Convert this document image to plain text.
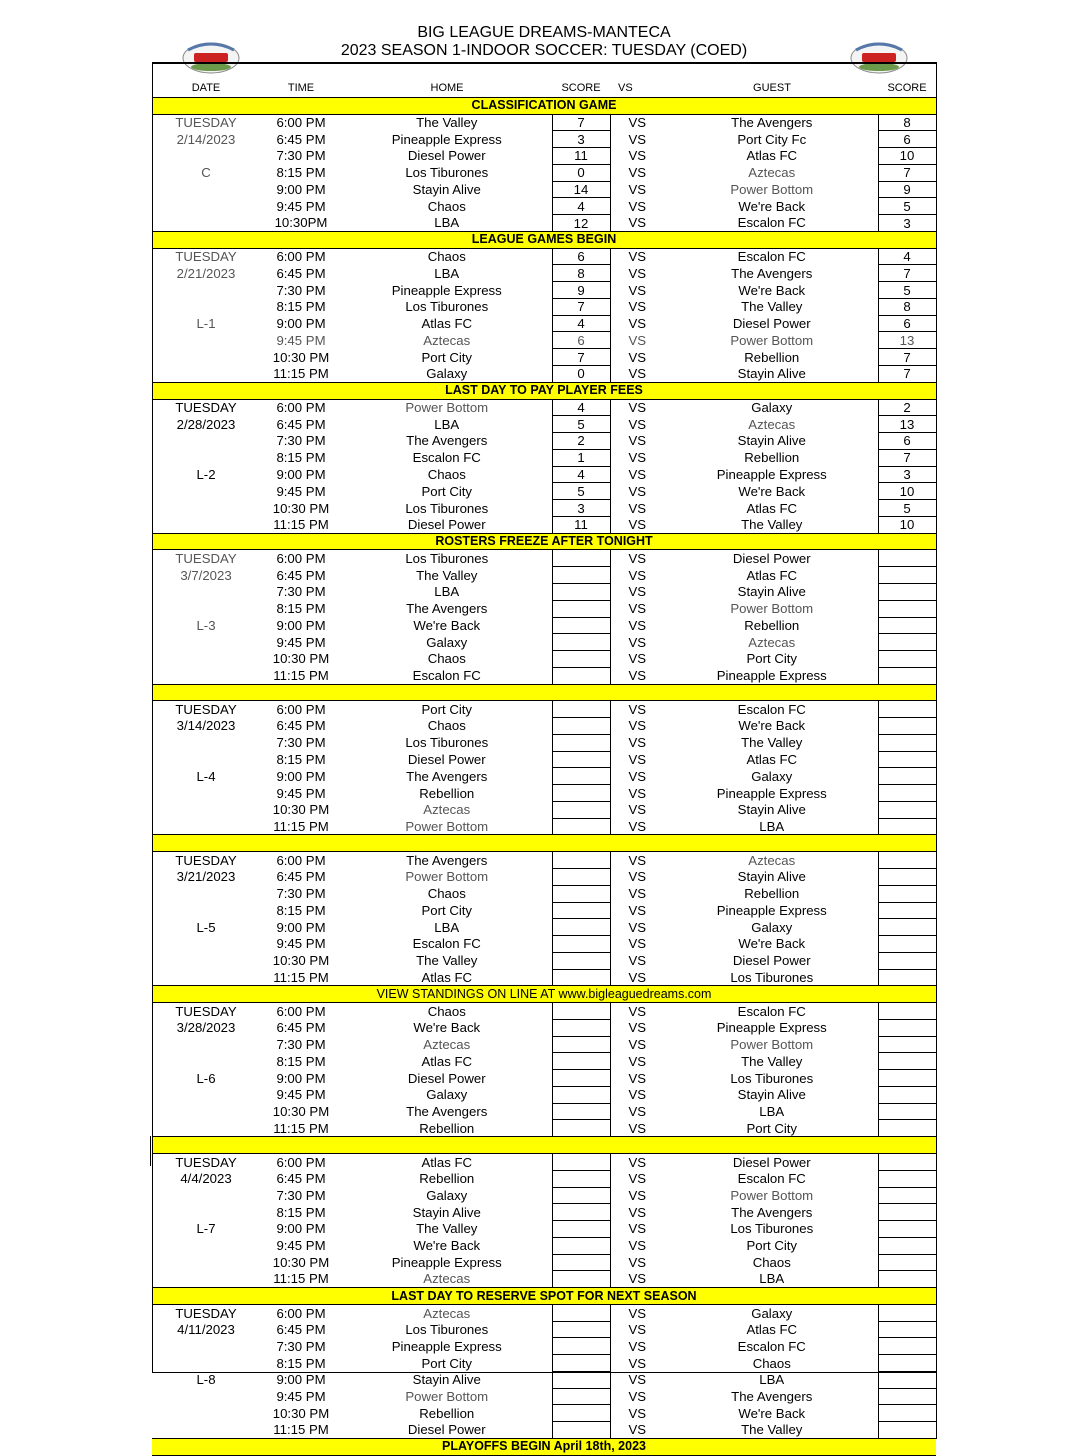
BIG LEAGUE DREAMS-MANTECA
2023 SEASON 1-INDOOR SOCCER: TUESDAY (COED)
DATE	TIME	HOME	SCORE	VS	GUEST	SCORE
CLASSIFICATION GAME						
TUESDAY	6:00 PM	The Valley	7	VS	The Avengers	8
2/14/2023	6:45 PM	Pineapple Express	3	VS	Port City Fc	6
	7:30 PM	Diesel Power	11	VS	Atlas FC	10
C	8:15 PM	Los Tiburones	0	VS	Aztecas	7
	9:00 PM	Stayin Alive	14	VS	Power Bottom	9
	9:45 PM	Chaos	4	VS	We're Back	5
	10:30PM	LBA	12	VS	Escalon FC	3
LEAGUE GAMES BEGIN						
TUESDAY	6:00 PM	Chaos	6	VS	Escalon FC	4
2/21/2023	6:45 PM	LBA	8	VS	The Avengers	7
	7:30 PM	Pineapple Express	9	VS	We're Back	5
	8:15 PM	Los Tiburones	7	VS	The Valley	8
L-1	9:00 PM	Atlas FC	4	VS	Diesel Power	6
	9:45 PM	Aztecas	6	VS	Power Bottom	13
	10:30 PM	Port City	7	VS	Rebellion	7
	11:15 PM	Galaxy	0	VS	Stayin Alive	7
LAST DAY TO PAY PLAYER FEES						
TUESDAY	6:00 PM	Power Bottom	4	VS	Galaxy	2
2/28/2023	6:45 PM	LBA	5	VS	Aztecas	13
	7:30 PM	The Avengers	2	VS	Stayin Alive	6
	8:15 PM	Escalon FC	1	VS	Rebellion	7
L-2	9:00 PM	Chaos	4	VS	Pineapple Express	3
	9:45 PM	Port City	5	VS	We're Back	10
	10:30 PM	Los Tiburones	3	VS	Atlas FC	5
	11:15 PM	Diesel Power	11	VS	The Valley	10
ROSTERS FREEZE AFTER TONIGHT						
TUESDAY	6:00 PM	Los Tiburones		VS	Diesel Power	
3/7/2023	6:45 PM	The Valley		VS	Atlas FC	
	7:30 PM	LBA		VS	Stayin Alive	
	8:15 PM	The Avengers		VS	Power Bottom	
L-3	9:00 PM	We're Back		VS	Rebellion	
	9:45 PM	Galaxy		VS	Aztecas	
	10:30 PM	Chaos		VS	Port City	
	11:15 PM	Escalon FC		VS	Pineapple Express	

TUESDAY	6:00 PM	Port City		VS	Escalon FC	
3/14/2023	6:45 PM	Chaos		VS	We're Back	
	7:30 PM	Los Tiburones		VS	The Valley	
	8:15 PM	Diesel Power		VS	Atlas FC	
L-4	9:00 PM	The Avengers		VS	Galaxy	
	9:45 PM	Rebellion		VS	Pineapple Express	
	10:30 PM	Aztecas		VS	Stayin Alive	
	11:15 PM	Power Bottom		VS	LBA	

TUESDAY	6:00 PM	The Avengers		VS	Aztecas	
3/21/2023	6:45 PM	Power Bottom		VS	Stayin Alive	
	7:30 PM	Chaos		VS	Rebellion	
	8:15 PM	Port City		VS	Pineapple Express	
L-5	9:00 PM	LBA		VS	Galaxy	
	9:45 PM	Escalon FC		VS	We're Back	
	10:30 PM	The Valley		VS	Diesel Power	
	11:15 PM	Atlas FC		VS	Los Tiburones	
VIEW STANDINGS ON LINE AT www.bigleaguedreams.com						
TUESDAY	6:00 PM	Chaos		VS	Escalon FC	
3/28/2023	6:45 PM	We're Back		VS	Pineapple Express	
	7:30 PM	Aztecas		VS	Power Bottom	
	8:15 PM	Atlas FC		VS	The Valley	
L-6	9:00 PM	Diesel Power		VS	Los Tiburones	
	9:45 PM	Galaxy		VS	Stayin Alive	
	10:30 PM	The Avengers		VS	LBA	
	11:15 PM	Rebellion		VS	Port City	

TUESDAY	6:00 PM	Atlas FC		VS	Diesel Power	
4/4/2023	6:45 PM	Rebellion		VS	Escalon FC	
	7:30 PM	Galaxy		VS	Power Bottom	
	8:15 PM	Stayin Alive		VS	The Avengers	
L-7	9:00 PM	The Valley		VS	Los Tiburones	
	9:45 PM	We're Back		VS	Port City	
	10:30 PM	Pineapple Express		VS	Chaos	
	11:15 PM	Aztecas		VS	LBA	
LAST DAY TO RESERVE SPOT FOR NEXT SEASON						
TUESDAY	6:00 PM	Aztecas		VS	Galaxy	
4/11/2023	6:45 PM	Los Tiburones		VS	Atlas FC	
	7:30 PM	Pineapple Express		VS	Escalon FC	
	8:15 PM	Port City		VS	Chaos	
L-8	9:00 PM	Stayin Alive		VS	LBA	
	9:45 PM	Power Bottom		VS	The Avengers	
	10:30 PM	Rebellion		VS	We're Back	
	11:15 PM	Diesel Power		VS	The Valley	
PLAYOFFS BEGIN April 18th, 2023						
